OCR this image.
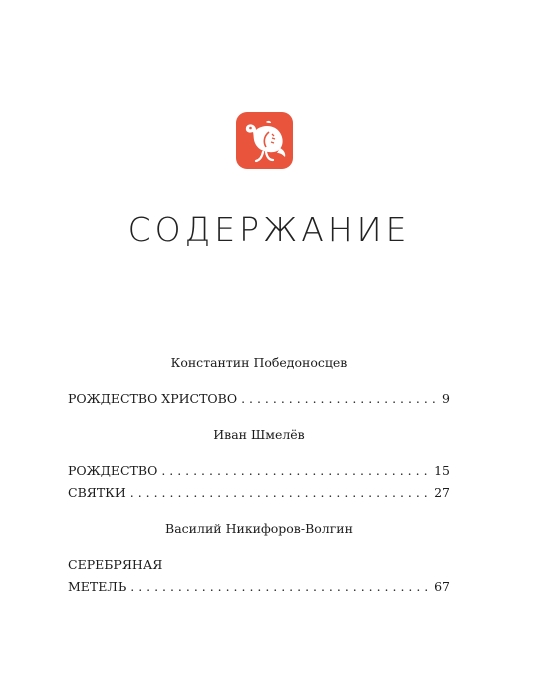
СОДЕРЖАНИЕ
Константин Победоносцев
РОЖДЕСТВО ХРИСТОВО . . .	9
Иван Шмелёв
РОЖДЕСТВО . . .	15
СВЯТКИ . . .	27
Василий Никифоров-Волгин
СЕРЕБРЯНАЯ
МЕТЕЛЬ . . .	67
